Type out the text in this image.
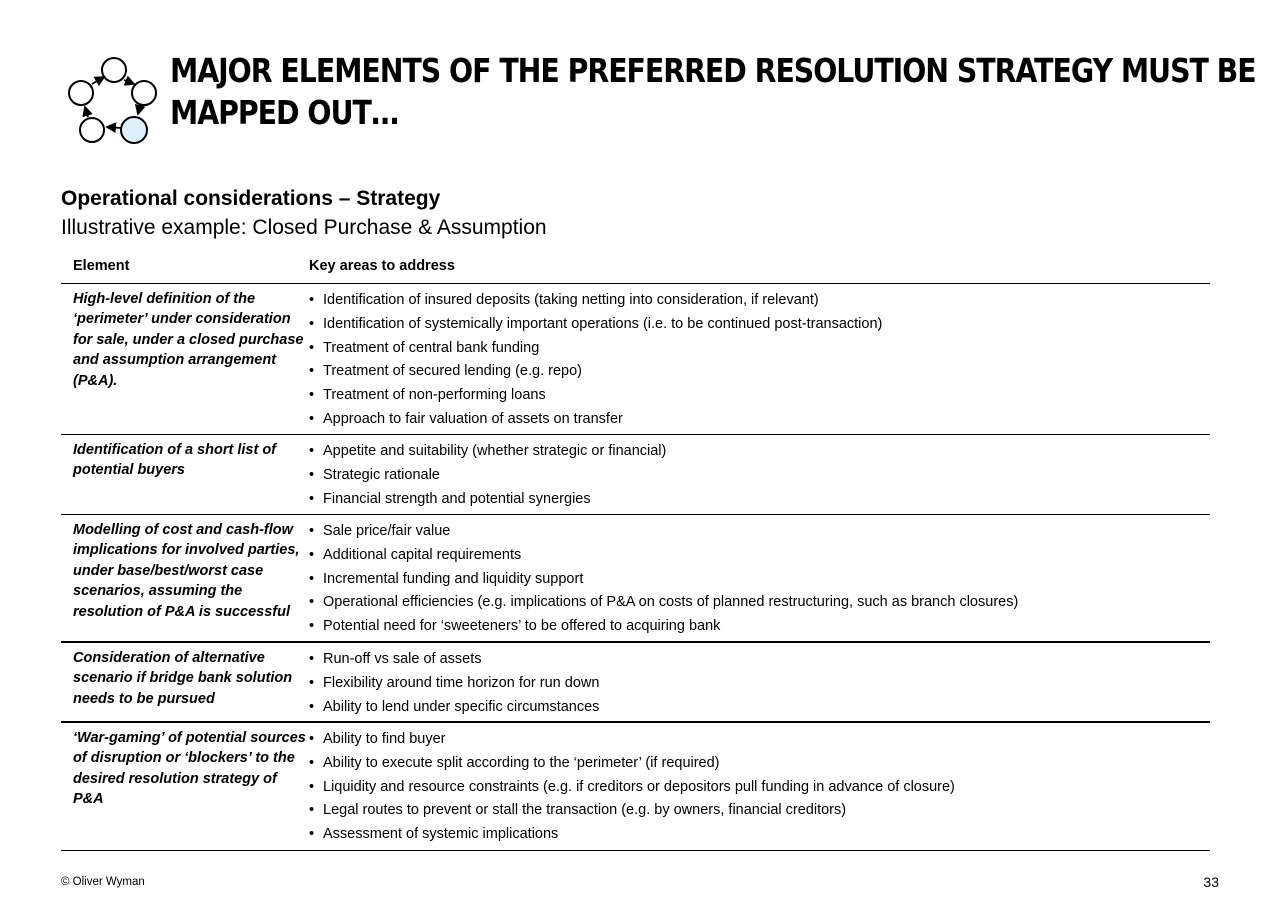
MAJOR ELEMENTS OF THE PREFERRED RESOLUTION STRATEGY MUST BE
MAPPED OUT…
Operational considerations – Strategy
Illustrative example: Closed Purchase & Assumption
Element	Key areas to address
High-level definition of the ‘perimeter’ under consideration for sale, under a closed purchase and assumption arrangement (P&A).
• Identification of insured deposits (taking netting into consideration, if relevant)
• Identification of systemically important operations (i.e. to be continued post-transaction)
• Treatment of central bank funding
• Treatment of secured lending (e.g. repo)
• Treatment of non-performing loans
• Approach to fair valuation of assets on transfer
Identification of a short list of potential buyers
• Appetite and suitability (whether strategic or financial)
• Strategic rationale
• Financial strength and potential synergies
Modelling of cost and cash-flow implications for involved parties, under base/best/worst case scenarios, assuming the resolution of P&A is successful
• Sale price/fair value
• Additional capital requirements
• Incremental funding and liquidity support
• Operational efficiencies (e.g. implications of P&A on costs of planned restructuring, such as branch closures)
• Potential need for ‘sweeteners’ to be offered to acquiring bank
Consideration of alternative scenario if bridge bank solution needs to be pursued
• Run-off vs sale of assets
• Flexibility around time horizon for run down
• Ability to lend under specific circumstances
‘War-gaming’ of potential sources of disruption or ‘blockers’ to the desired resolution strategy of P&A
• Ability to find buyer
• Ability to execute split according to the ‘perimeter’ (if required)
• Liquidity and resource constraints (e.g. if creditors or depositors pull funding in advance of closure)
• Legal routes to prevent or stall the transaction (e.g. by owners, financial creditors)
• Assessment of systemic implications
© Oliver Wyman	33
